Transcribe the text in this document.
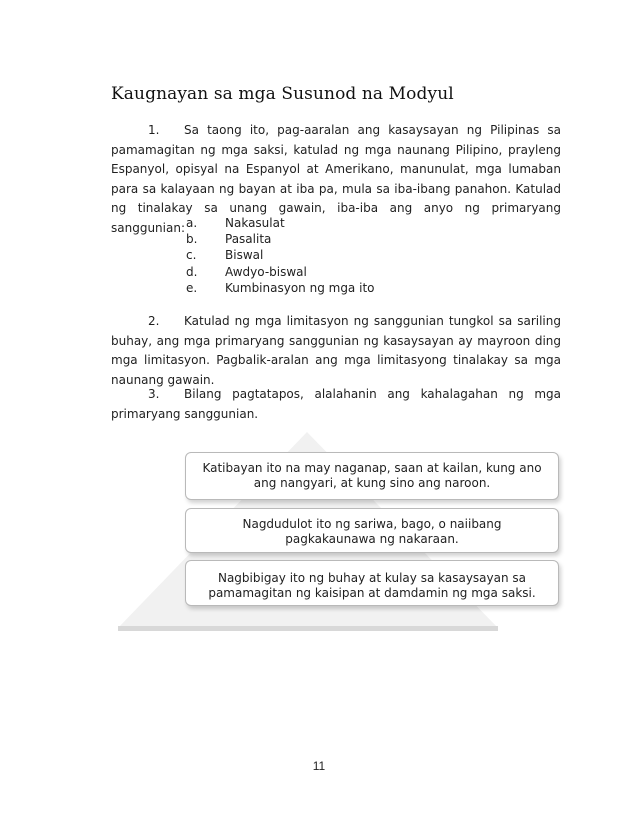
Kaugnayan sa mga Susunod na Modyul
1. Sa taong ito, pag-aaralan ang kasaysayan ng Pilipinas sa pamamagitan ng mga saksi, katulad ng mga naunang Pilipino, prayleng Espanyol, opisyal na Espanyol at Amerikano, manunulat, mga lumaban para sa kalayaan ng bayan at iba pa, mula sa iba-ibang panahon. Katulad ng tinalakay sa unang gawain, iba-iba ang anyo ng primaryang sanggunian: a.	Nakasulat
b.	Pasalita
c.	Biswal
d.	Awdyo-biswal
e.	Kumbinasyon ng mga ito
2. Katulad ng mga limitasyon ng sanggunian tungkol sa sariling buhay, ang mga primaryang sanggunian ng kasaysayan ay mayroon ding mga limitasyon. Pagbalik-aralan ang mga limitasyong tinalakay sa mga naunang gawain.
3. Bilang pagtatapos, alalahanin ang kahalagahan ng mga primaryang sanggunian.
Katibayan ito na may naganap, saan at kailan, kung ano ang nangyari, at kung sino ang naroon.
Nagdudulot ito ng sariwa, bago, o naiibang pagkakaunawa ng nakaraan.
Nagbibigay ito ng buhay at kulay sa kasaysayan sa pamamagitan ng kaisipan at damdamin ng mga saksi.
11
